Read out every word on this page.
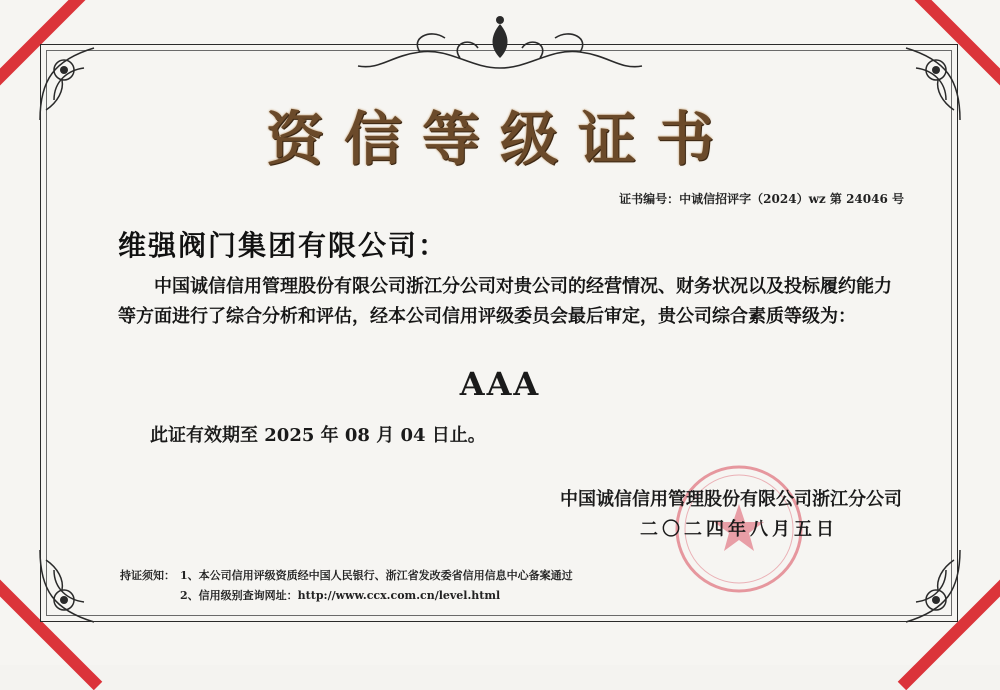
资信等级证书
证书编号：中诚信招评字（2024）wz 第 24046 号
维强阀门集团有限公司：
中国诚信信用管理股份有限公司浙江分公司对贵公司的经营情况、财务状况以及投标履约能力等方面进行了综合分析和评估，经本公司信用评级委员会最后审定，贵公司综合素质等级为：
AAA
此证有效期至 2025 年 08 月 04 日止。
中国诚信信用管理股份有限公司浙江分公司
二〇二四年八月五日
持证须知： 1、本公司信用评级资质经中国人民银行、浙江省发改委省信用信息中心备案通过
2、信用级别查询网址：http://www.ccx.com.cn/level.html
